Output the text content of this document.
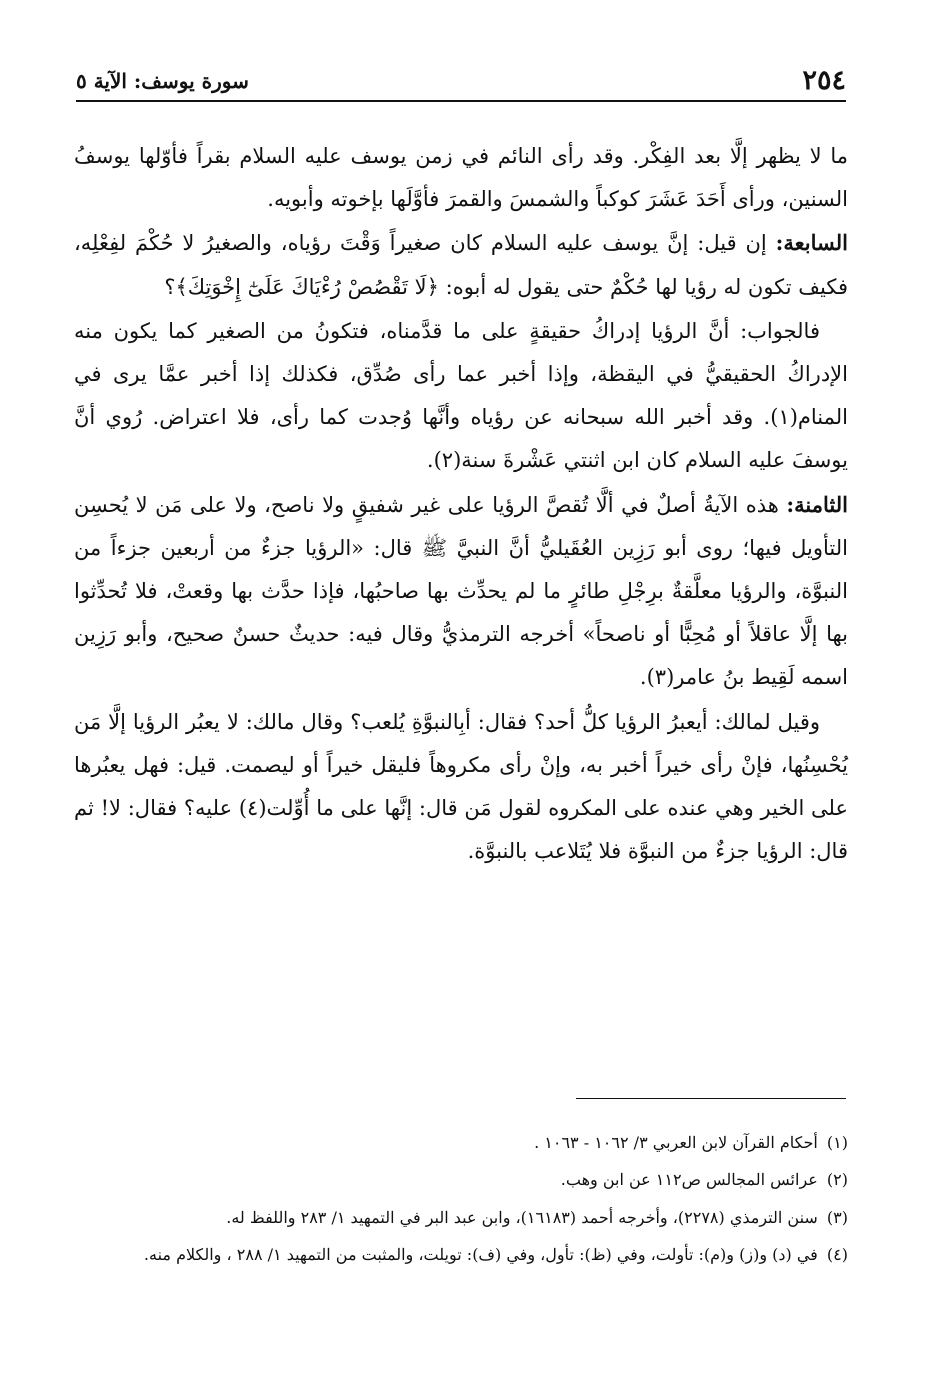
٢٥٤
سورة يوسف: الآية ٥

ما لا يظهر إلَّا بعد الفِكْر. وقد رأى النائم في زمن يوسف عليه السلام بقراً فأوّلها يوسفُ السنين، ورأى أَحَدَ عَشَرَ كوكباً والشمسَ والقمرَ فأوَّلَها بإخوته وأبويه.

السابعة: إن قيل: إنَّ يوسف عليه السلام كان صغيراً وَقْتَ رؤياه، والصغيرُ لا حُكْمَ لفِعْلِه، فكيف تكون له رؤيا لها حُكْمٌ حتى يقول له أبوه: ﴿لَا تَقْصُصْ رُءْيَاكَ عَلَىٰٓ إِخْوَتِكَ﴾؟

فالجواب: أنَّ الرؤيا إدراكُ حقيقةٍ على ما قدَّمناه، فتكونُ من الصغير كما يكون منه الإدراكُ الحقيقيُّ في اليقظة، وإذا أخبر عما رأى صُدِّق، فكذلك إذا أخبر عمَّا يرى في المنام(١). وقد أخبر الله سبحانه عن رؤياه وأنَّها وُجدت كما رأى، فلا اعتراض. رُوي أنَّ يوسفَ عليه السلام كان ابن اثنتي عَشْرةَ سنة(٢).

الثامنة: هذه الآيةُ أصلٌ في ألَّا تُقصَّ الرؤيا على غير شفيقٍ ولا ناصح، ولا على مَن لا يُحسِن التأويل فيها؛ روى أبو رَزِين العُقَيليُّ أنَّ النبيَّ ﷺ قال: «الرؤيا جزءٌ من أربعين جزءاً من النبوَّة، والرؤيا معلَّقةٌ برِجْلِ طائرٍ ما لم يحدِّث بها صاحبُها، فإذا حدَّث بها وقعتْ، فلا تُحدِّثوا بها إلَّا عاقلاً أو مُحِبًّا أو ناصحاً» أخرجه الترمذيُّ وقال فيه: حديثٌ حسنٌ صحيح، وأبو رَزِين اسمه لَقِيط بنُ عامر(٣).

وقيل لمالك: أيعبرُ الرؤيا كلُّ أحد؟ فقال: أبِالنبوَّةِ يُلعب؟ وقال مالك: لا يعبُر الرؤيا إلَّا مَن يُحْسِنُها، فإنْ رأى خيراً أخبر به، وإنْ رأى مكروهاً فليقل خيراً أو ليصمت. قيل: فهل يعبُرها على الخير وهي عنده على المكروه لقول مَن قال: إنَّها على ما أُوِّلت(٤) عليه؟ فقال: لا! ثم قال: الرؤيا جزءٌ من النبوَّة فلا يُتَلاعب بالنبوَّة.

(١) أحكام القرآن لابن العربي ٣/ ١٠٦٢ - ١٠٦٣ .

(٢) عرائس المجالس ص١١٢ عن ابن وهب.

(٣) سنن الترمذي (٢٢٧٨)، وأخرجه أحمد (١٦١٨٣)، وابن عبد البر في التمهيد ١/ ٢٨٣ واللفظ له.

(٤) في (د) و(ز) و(م): تأولت، وفي (ظ): تأول، وفي (ف): تويلت، والمثبت من التمهيد ١/ ٢٨٨ ، والكلام منه.
